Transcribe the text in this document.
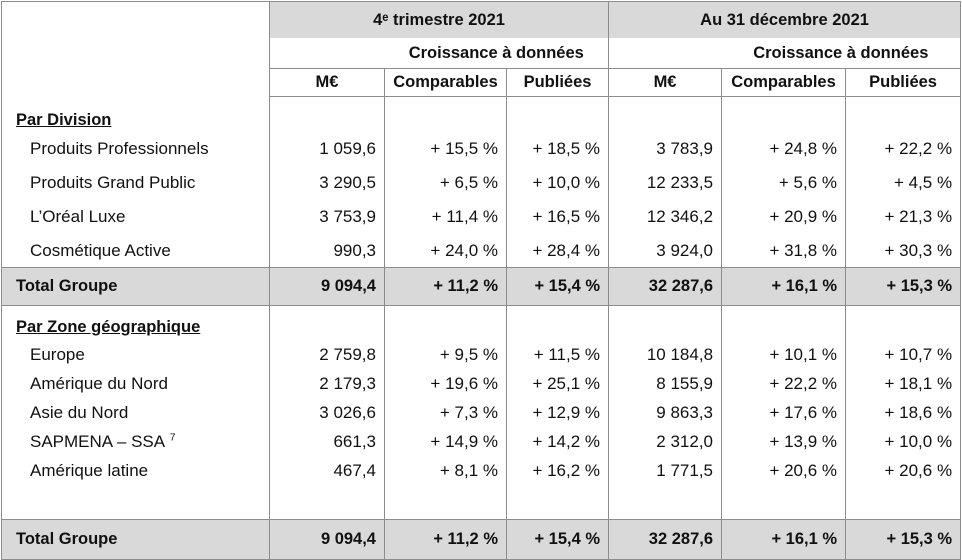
	4ᵉ trimestre 2021			Au 31 décembre 2021		
		Croissance à données			Croissance à données	
	M€	Comparables	Publiées	M€	Comparables	Publiées
Par Division						
Produits Professionnels	1 059,6	+ 15,5 %	+ 18,5 %	3 783,9	+ 24,8 %	+ 22,2 %
Produits Grand Public	3 290,5	+ 6,5 %	+ 10,0 %	12 233,5	+ 5,6 %	+ 4,5 %
L’Oréal Luxe	3 753,9	+ 11,4 %	+ 16,5 %	12 346,2	+ 20,9 %	+ 21,3 %
Cosmétique Active	990,3	+ 24,0 %	+ 28,4 %	3 924,0	+ 31,8 %	+ 30,3 %
Total Groupe	9 094,4	+ 11,2 %	+ 15,4 %	32 287,6	+ 16,1 %	+ 15,3 %
Par Zone géographique						
Europe	2 759,8	+ 9,5 %	+ 11,5 %	10 184,8	+ 10,1 %	+ 10,7 %
Amérique du Nord	2 179,3	+ 19,6 %	+ 25,1 %	8 155,9	+ 22,2 %	+ 18,1 %
Asie du Nord	3 026,6	+ 7,3 %	+ 12,9 %	9 863,3	+ 17,6 %	+ 18,6 %
SAPMENA – SSA $^7$	661,3	+ 14,9 %	+ 14,2 %	2 312,0	+ 13,9 %	+ 10,0 %
Amérique latine	467,4	+ 8,1 %	+ 16,2 %	1 771,5	+ 20,6 %	+ 20,6 %

Total Groupe	9 094,4	+ 11,2 %	+ 15,4 %	32 287,6	+ 16,1 %	+ 15,3 %
